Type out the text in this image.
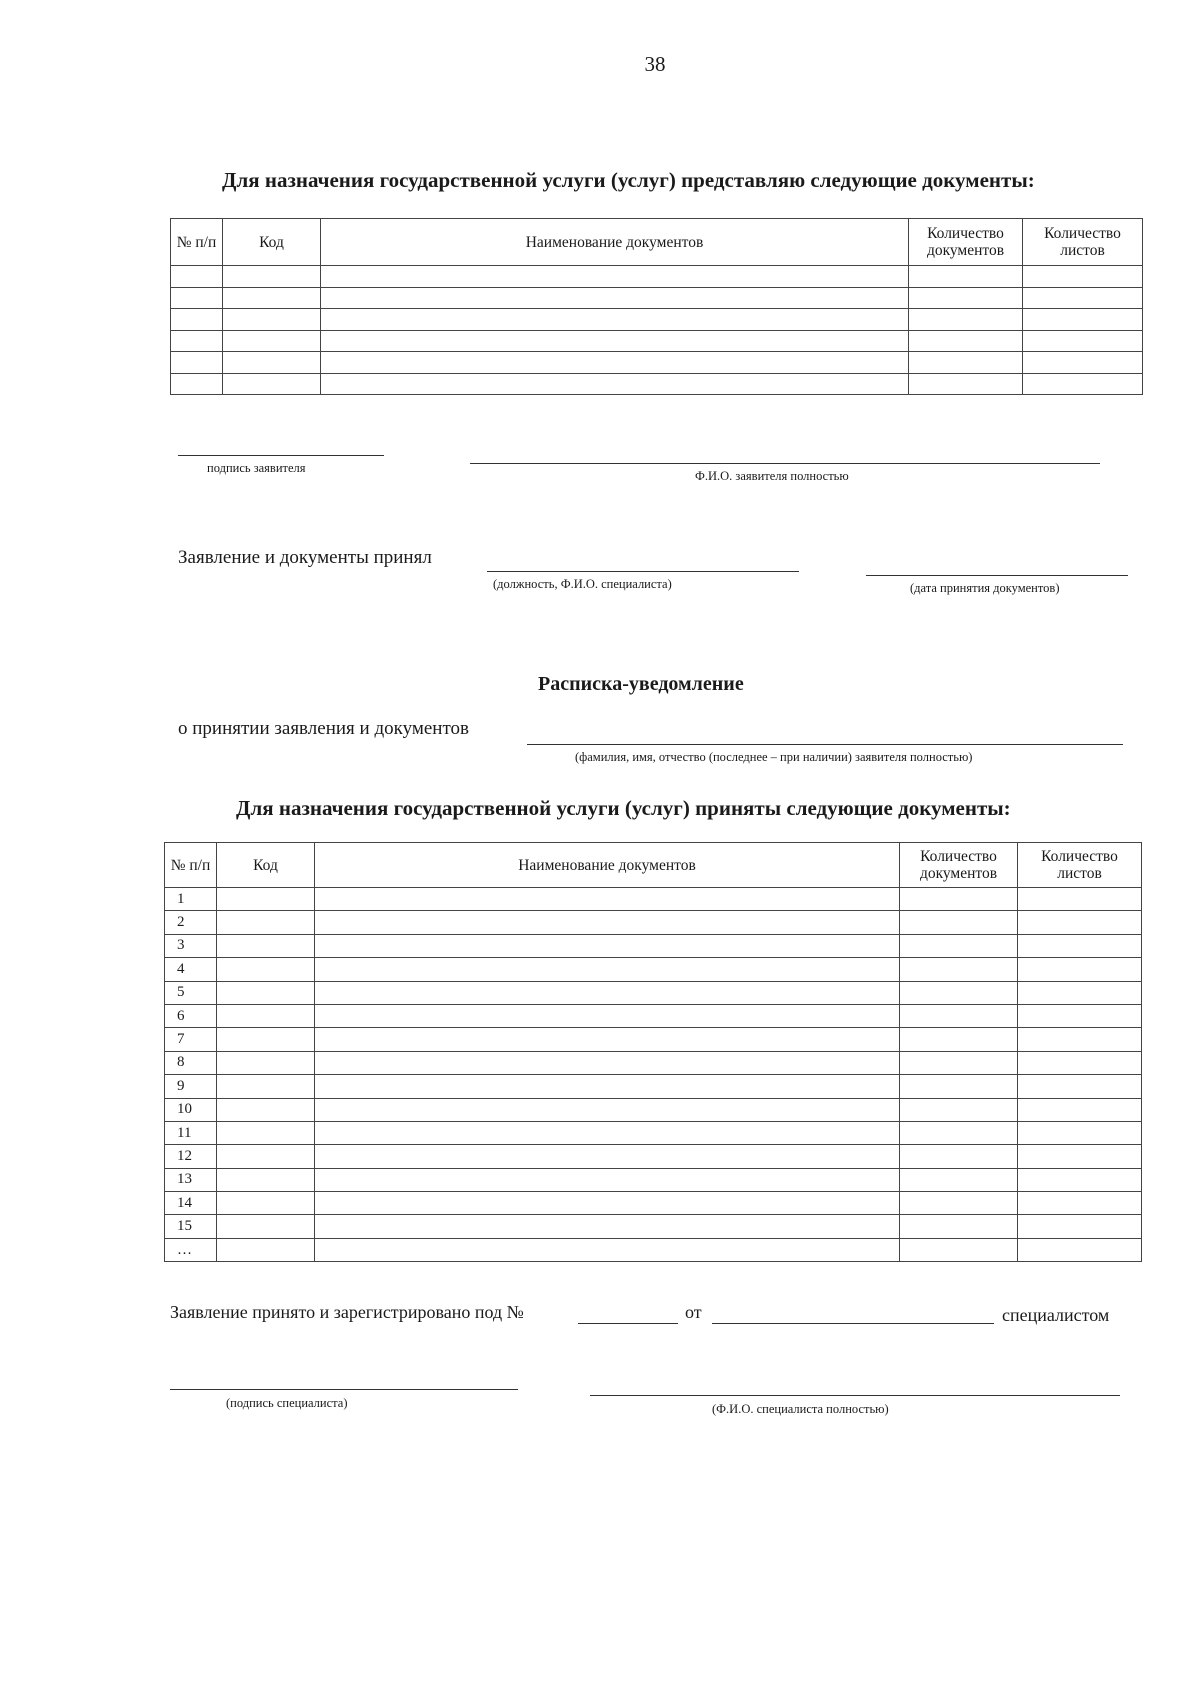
38
Для назначения государственной услуги (услуг) представляю следующие документы:
№ п/п	Код	Наименование документов	Количество документов	Количество листов

подпись заявителя
Ф.И.О. заявителя полностью
Заявление и документы принял
(должность, Ф.И.О. специалиста)	(дата принятия документов)
Расписка-уведомление
о принятии заявления и документов
(фамилия, имя, отчество (последнее – при наличии) заявителя полностью)
Для назначения государственной услуги (услуг) приняты следующие документы:
№ п/п	Код	Наименование документов	Количество документов	Количество листов
1				
2				
3				
4				
5				
6				
7				
8				
9				
10				
11				
12				
13				
14				
15				
…				
Заявление принято и зарегистрировано под №	от	специалистом
(подпись специалиста)	(Ф.И.О. специалиста полностью)
